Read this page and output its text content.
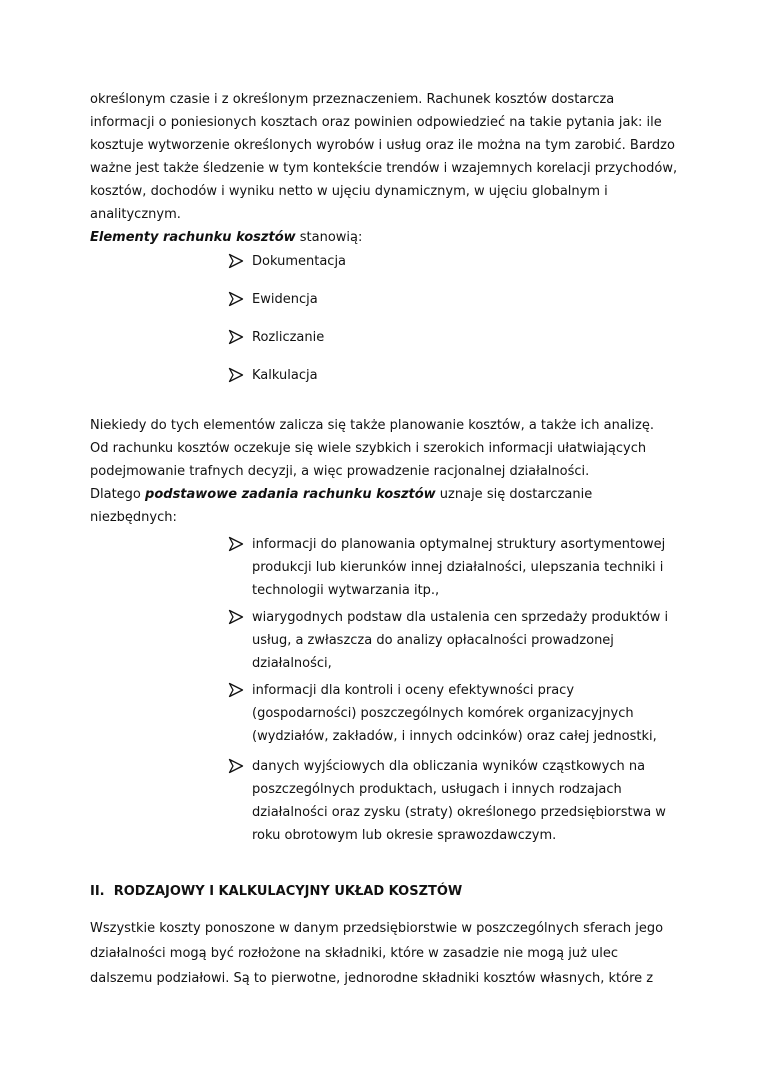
określonym czasie i z określonym przeznaczeniem. Rachunek kosztów dostarcza
informacji o poniesionych kosztach oraz powinien odpowiedzieć na takie pytania jak: ile
kosztuje wytworzenie określonych wyrobów i usług oraz ile można na tym zarobić. Bardzo
ważne jest także śledzenie w tym kontekście trendów i wzajemnych korelacji przychodów,
kosztów, dochodów i wyniku netto w ujęciu dynamicznym, w ujęciu globalnym i
analitycznym.
Elementy rachunku kosztów stanowią:
Dokumentacja
Ewidencja
Rozliczanie
Kalkulacja
Niekiedy do tych elementów zalicza się także planowanie kosztów, a także ich analizę.
Od rachunku kosztów oczekuje się wiele szybkich i szerokich informacji ułatwiających
podejmowanie trafnych decyzji, a więc prowadzenie racjonalnej działalności.
Dlatego podstawowe zadania rachunku kosztów uznaje się dostarczanie
niezbędnych:
informacji do planowania optymalnej struktury asortymentowej
produkcji lub kierunków innej działalności, ulepszania techniki i
technologii wytwarzania itp.,
wiarygodnych podstaw dla ustalenia cen sprzedaży produktów i
usług, a zwłaszcza do analizy opłacalności prowadzonej
działalności,
informacji dla kontroli i oceny efektywności pracy
(gospodarności) poszczególnych komórek organizacyjnych
(wydziałów, zakładów, i innych odcinków) oraz całej jednostki,
danych wyjściowych dla obliczania wyników cząstkowych na
poszczególnych produktach, usługach i innych rodzajach
działalności oraz zysku (straty) określonego przedsiębiorstwa w
roku obrotowym lub okresie sprawozdawczym.
II. RODZAJOWY I KALKULACYJNY UKŁAD KOSZTÓW
Wszystkie koszty ponoszone w danym przedsiębiorstwie w poszczególnych sferach jego
działalności mogą być rozłożone na składniki, które w zasadzie nie mogą już ulec
dalszemu podziałowi. Są to pierwotne, jednorodne składniki kosztów własnych, które z
